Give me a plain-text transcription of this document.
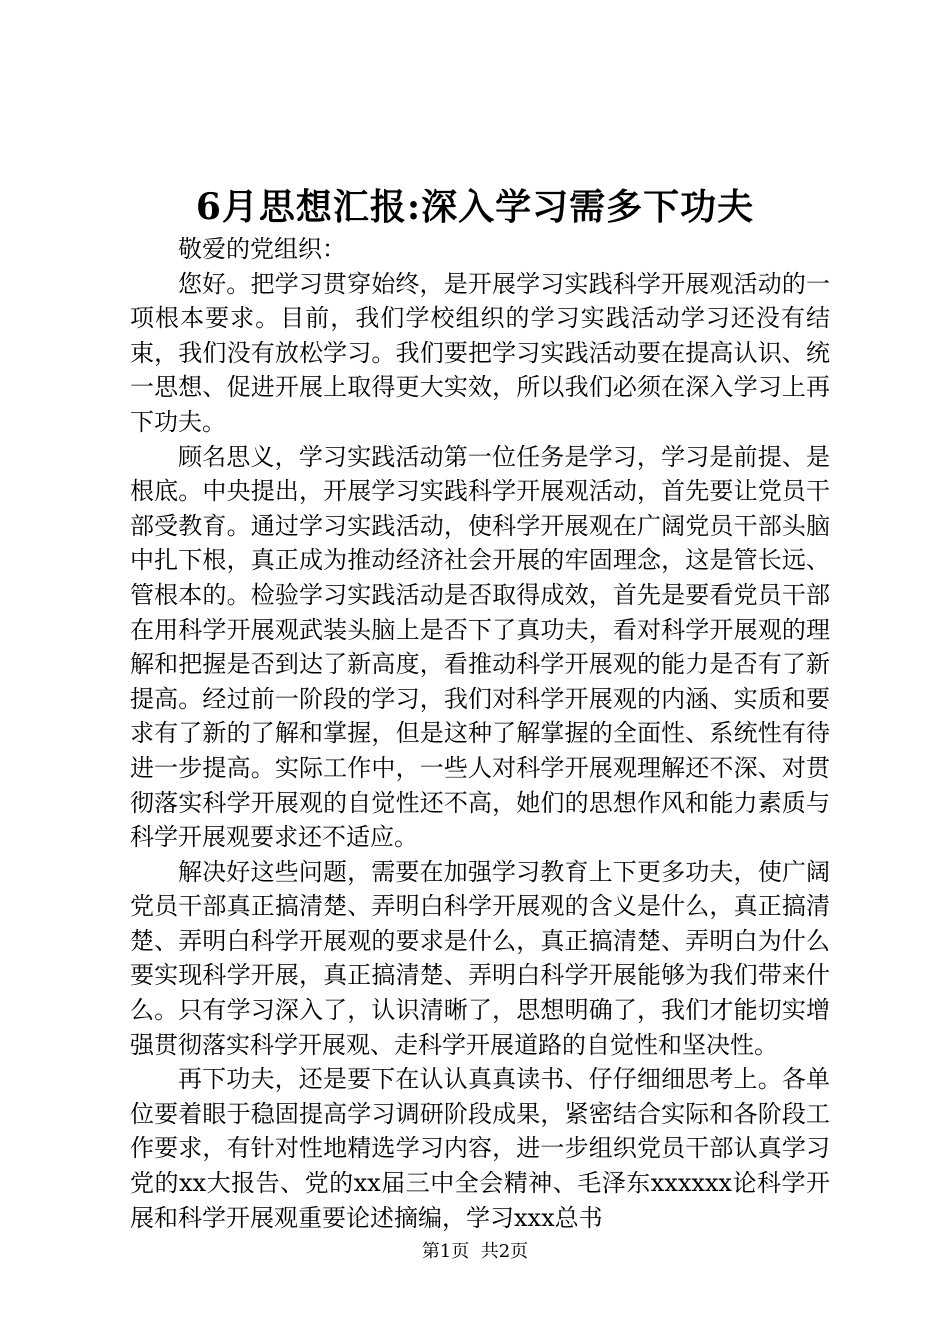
6月思想汇报:深入学习需多下功夫

敬爱的党组织：

您好。把学习贯穿始终，是开展学习实践科学开展观活动的一项根本要求。目前，我们学校组织的学习实践活动学习还没有结束，我们没有放松学习。我们要把学习实践活动要在提高认识、统一思想、促进开展上取得更大实效，所以我们必须在深入学习上再下功夫。

顾名思义，学习实践活动第一位任务是学习，学习是前提、是根底。中央提出，开展学习实践科学开展观活动，首先要让党员干部受教育。通过学习实践活动，使科学开展观在广阔党员干部头脑中扎下根，真正成为推动经济社会开展的牢固理念，这是管长远、管根本的。检验学习实践活动是否取得成效，首先是要看党员干部在用科学开展观武装头脑上是否下了真功夫，看对科学开展观的理解和把握是否到达了新高度，看推动科学开展观的能力是否有了新提高。经过前一阶段的学习，我们对科学开展观的内涵、实质和要求有了新的了解和掌握，但是这种了解掌握的全面性、系统性有待进一步提高。实际工作中，一些人对科学开展观理解还不深、对贯彻落实科学开展观的自觉性还不高，她们的思想作风和能力素质与科学开展观要求还不适应。

解决好这些问题，需要在加强学习教育上下更多功夫，使广阔党员干部真正搞清楚、弄明白科学开展观的含义是什么，真正搞清楚、弄明白科学开展观的要求是什么，真正搞清楚、弄明白为什么要实现科学开展，真正搞清楚、弄明白科学开展能够为我们带来什么。只有学习深入了，认识清晰了，思想明确了，我们才能切实增强贯彻落实科学开展观、走科学开展道路的自觉性和坚决性。

再下功夫，还是要下在认认真真读书、仔仔细细思考上。各单位要着眼于稳固提高学习调研阶段成果，紧密结合实际和各阶段工作要求，有针对性地精选学习内容，进一步组织党员干部认真学习党的xx大报告、党的xx届三中全会精神、毛泽东xxxxxx论科学开展和科学开展观重要论述摘编，学习xxx总书

第1页  共2页
